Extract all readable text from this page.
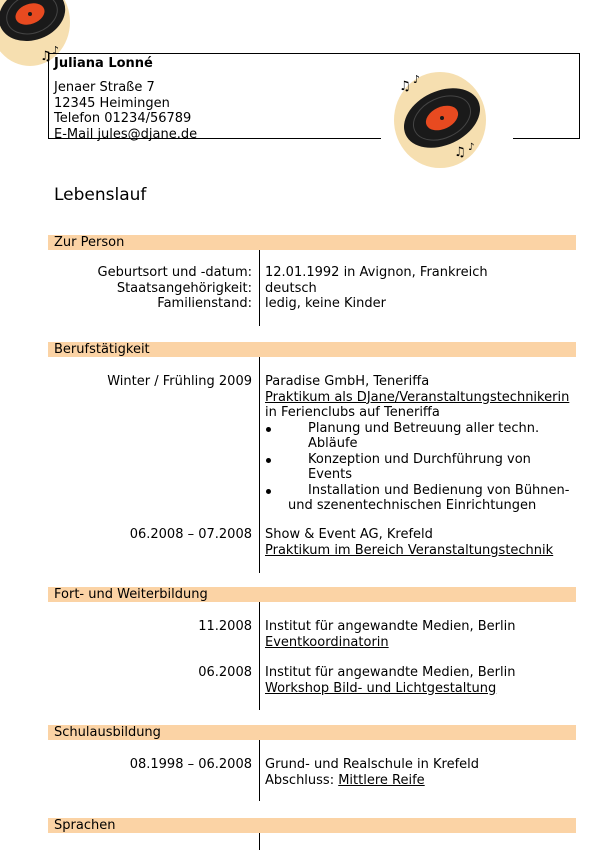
♫ ♪
Juliana Lonné
Jenaer Straße 7
12345 Heimingen
Telefon 01234/56789
E-Mail jules@djane.de
♫ ♪
♫ ♪
Lebenslauf
Zur Person
Geburtsort und -datum:
Staatsangehörigkeit:
Familienstand:
12.01.1992 in Avignon, Frankreich
deutsch
ledig, keine Kinder
Berufstätigkeit
Winter / Frühling 2009 Paradise GmbH, Teneriffa
Praktikum als DJane/Veranstaltungstechnikerin
in Ferienclubs auf Teneriffa
Planung und Betreuung aller techn.
Abläufe
Konzeption und Durchführung von
Events
Installation und Bedienung von Bühnen-
und szenentechnischen Einrichtungen
06.2008 – 07.2008 Show & Event AG, Krefeld
Praktikum im Bereich Veranstaltungstechnik
Fort- und Weiterbildung
11.2008 Institut für angewandte Medien, Berlin
Eventkoordinatorin
06.2008 Institut für angewandte Medien, Berlin
Workshop Bild- und Lichtgestaltung
Schulausbildung
08.1998 – 06.2008 Grund- und Realschule in Krefeld
Abschluss: Mittlere Reife
Sprachen
